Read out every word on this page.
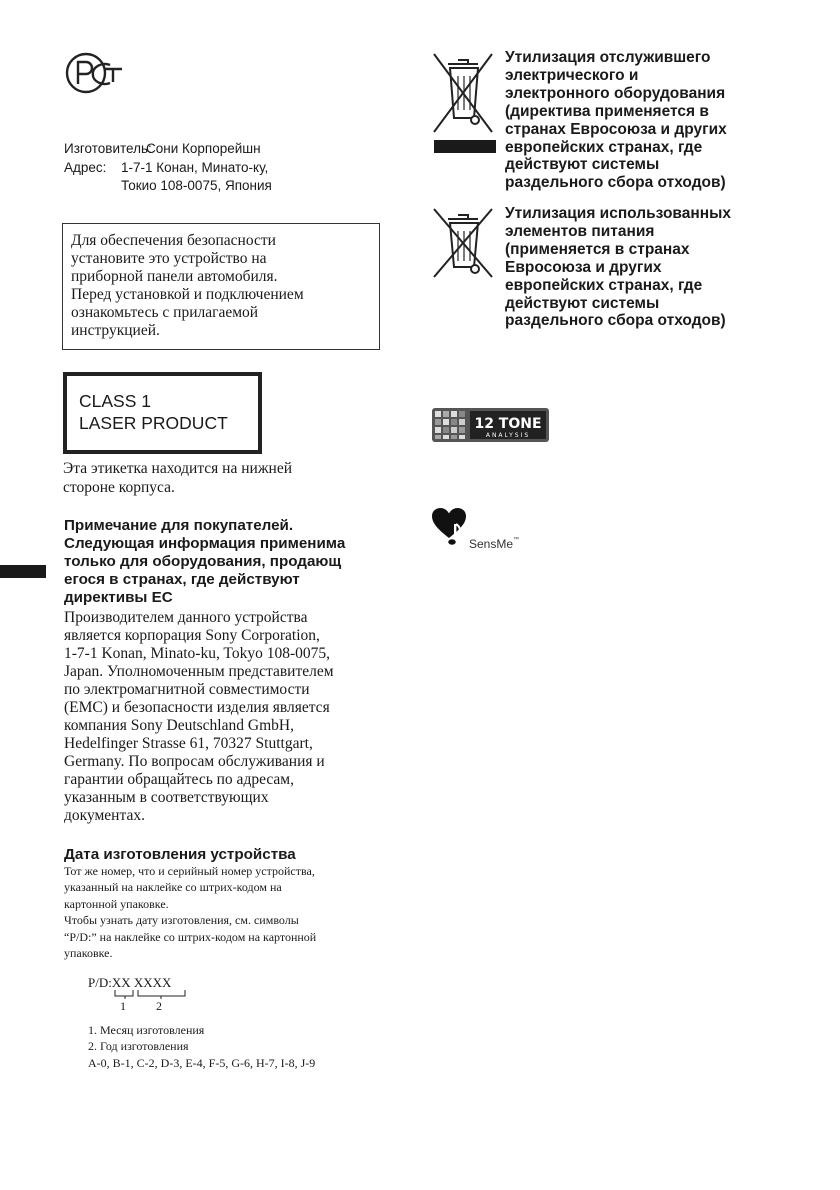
Изготовитель:
Сони Корпорейшн
Адрес:	1-7-1 Конан, Минато-ку,
Токио 108-0075, Япония
Для обеспечения безопасности
установите это устройство на
приборной панели автомобиля.
Перед установкой и подключением
ознакомьтесь с прилагаемой
инструкцией.
CLASS 1
LASER PRODUCT
Эта этикетка находится на нижней
стороне корпуса.
Примечание для покупателей.
Следующая информация применима
только для оборудования, продающ
егося в странах, где действуют
директивы ЕС
Производителем данного устройства
является корпорация Sony Corporation,
1-7-1 Konan, Minato-ku, Tokyo 108-0075,
Japan. Уполномоченным представителем
по электромагнитной совместимости
(EMC) и безопасности изделия является
компания Sony Deutschland GmbH,
Hedelfinger Strasse 61, 70327 Stuttgart,
Germany. По вопросам обслуживания и
гарантии обращайтесь по адресам,
указанным в соответствующих
документах.
Дата изготовления устройства
Тот же номер, что и серийный номер устройства,
указанный на наклейке со штрих-кодом на
картонной упаковке.
Чтобы узнать дату изготовления, см. символы
“P/D:” на наклейке со штрих-кодом на картонной
упаковке.
P/D:XX XXXX
1	2
1. Месяц изготовления
2. Год изготовления
A-0, B-1, C-2, D-3, E-4, F-5, G-6, H-7, I-8, J-9
Утилизация отслужившего
электрического и
электронного оборудования
(директива применяется в
странах Евросоюза и других
европейских странах, где
действуют системы
раздельного сбора отходов)
Утилизация использованных
элементов питания
(применяется в странах
Евросоюза и других
европейских странах, где
действуют системы
раздельного сбора отходов)
12 TONE
ANALYSIS
SensMe™
